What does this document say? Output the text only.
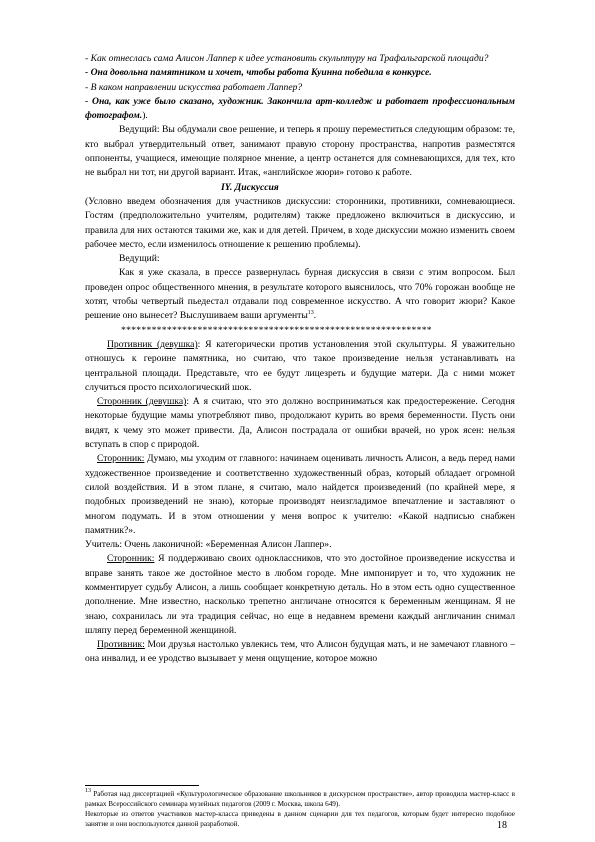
- Как отнеслась сама Алисон Лаппер к идее установить скульптуру на Трафальгарской площади?

- Она довольна памятником и хочет, чтобы работа Куинна победила в конкурсе.

- В каком направлении искусства работает Лаппер?

- Она, как уже было сказано, художник. Закончила арт-колледж и работает профессиональным фотографом.).

Ведущий: Вы обдумали свое решение, и теперь я прошу переместиться следующим образом: те, кто выбрал утвердительный ответ, занимают правую сторону пространства, напротив разместятся оппоненты, учащиеся, имеющие полярное мнение, а центр останется для сомневающихся, для тех, кто не выбрал ни тот, ни другой вариант. Итак, «английское жюри» готово к работе.

IY. Дискуссия

(Условно введем обозначения для участников дискуссии: сторонники, противники, сомневающиеся. Гостям (предположительно учителям, родителям) также предложено включиться в дискуссию, и правила для них остаются такими же, как и для детей. Причем, в ходе дискуссии можно изменить своем рабочее место, если изменилось отношение к решению проблемы).

Ведущий:

Как я уже сказала, в прессе развернулась бурная дискуссия в связи с этим вопросом. Был проведен опрос общественного мнения, в результате которого выяснилось, что 70% горожан вообще не хотят, чтобы четвертый пьедестал отдавали под современное искусство. А что говорит жюри? Какое решение оно вынесет? Выслушиваем ваши аргументы$^{13}$.

*************************************************************

Противник (девушка): Я категорически против установления этой скульптуры. Я уважительно отношусь к героине памятника, но считаю, что такое произведение нельзя устанавливать на центральной площади. Представьте, что ее будут лицезреть и будущие матери. Да с ними может случиться просто психологический шок.

Сторонник (девушка): А я считаю, что это должно восприниматься как предостережение. Сегодня некоторые будущие мамы употребляют пиво, продолжают курить во время беременности. Пусть они видят, к чему это может привести. Да, Алисон пострадала от ошибки врачей, но урок ясен: нельзя вступать в спор с природой.

Сторонник: Думаю, мы уходим от главного: начинаем оценивать личность Алисон, а ведь перед нами художественное произведение и соответственно художественный образ, который обладает огромной силой воздействия. И в этом плане, я считаю, мало найдется произведений (по крайней мере, я подобных произведений не знаю), которые производят неизгладимое впечатление и заставляют о многом подумать. И в этом отношении у меня вопрос к учителю: «Какой надписью снабжен памятник?».

Учитель: Очень лаконичной: «Беременная Алисон Лаппер».

Сторонник: Я поддерживаю своих одноклассников, что это достойное произведение искусства и вправе занять такое же достойное место в любом городе. Мне импонирует и то, что художник не комментирует судьбу Алисон, а лишь сообщает конкретную деталь. Но в этом есть одно существенное дополнение. Мне известно, насколько трепетно англичане относятся к беременным женщинам. Я не знаю, сохранилась ли эта традиция сейчас, но еще в недавнем времени каждый англичанин снимал шляпу перед беременной женщиной.

Противник: Мои друзья настолько увлекись тем, что Алисон будущая мать, и не замечают главного – она инвалид, и ее уродство вызывает у меня ощущение, которое можно

$^{13}$ Работая над диссертацией «Культурологическое образование школьников в дискурсном пространстве», автор проводила мастер-класс в рамках Всероссийского семинара музейных педагогов (2009 г. Москва, школа 649).

Некоторые из ответов участников мастер-класса приведены в данном сценарии для тех педагогов, которым будет интересно подобное занятие и они воспользуются данной разработкой.	18
